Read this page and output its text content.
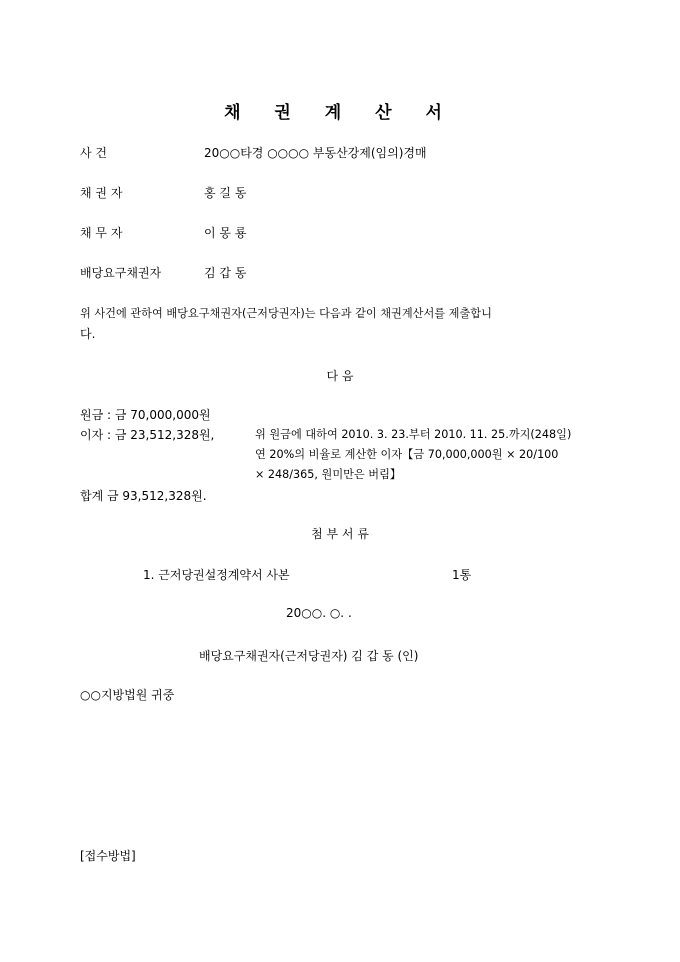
채 권 계 산 서
사 건	20○○타경 ○○○○ 부동산강제(임의)경매
채 권 자	홍 길 동
채 무 자	이 몽 룡
배당요구채권자	김 갑 동
위 사건에 관하여 배당요구채권자(근저당권자)는 다음과 같이 채권계산서를 제출합니
다.
다 음
원금 : 금 70,000,000원
이자 : 금 23,512,328원,	위 원금에 대하여 2010. 3. 23.부터 2010. 11. 25.까지(248일)
연 20%의 비율로 계산한 이자【금 70,000,000원 × 20/100
× 248/365, 원미만은 버림】
합계 금 93,512,328원.
첨 부 서 류
1. 근저당권설정계약서 사본	1통
20○○. ○. .
배당요구채권자(근저당권자) 김 갑 동 (인)
○○지방법원 귀중
[접수방법]
